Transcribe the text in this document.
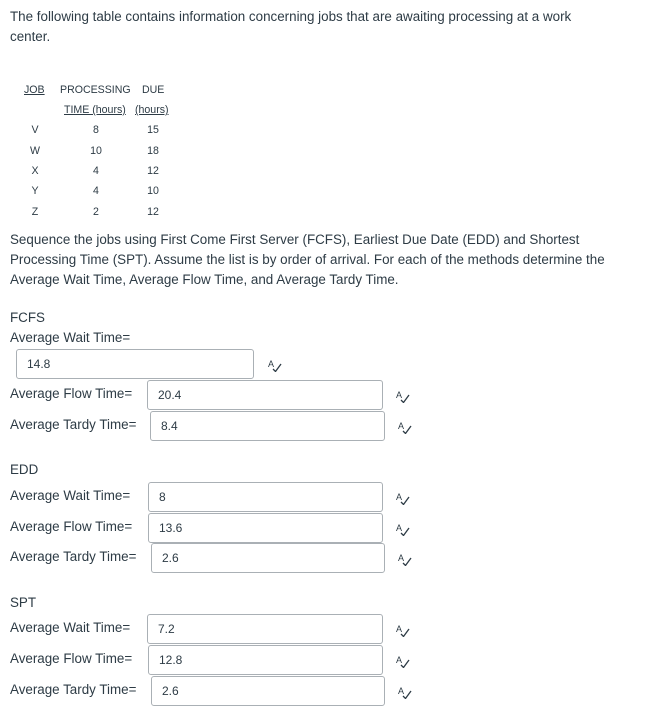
The following table contains information concerning jobs that are awaiting processing at a work center.
JOB PROCESSING DUE
TIME (hours) (hours)
V	8	15
W	10	18
X	4	12
Y	4	10
Z	2	12
Sequence the jobs using First Come First Server (FCFS), Earliest Due Date (EDD) and Shortest Processing Time (SPT). Assume the list is by order of arrival. For each of the methods determine the Average Wait Time, Average Flow Time, and Average Tardy Time.
FCFS
Average Wait Time=
14.8
A
Average Flow Time=
20.4	A
Average Tardy Time=
8.4	A
EDD
Average Wait Time=
8	A
Average Flow Time=
13.6	A
Average Tardy Time=
2.6	A
SPT
Average Wait Time=
7.2	A
Average Flow Time=
12.8	A
Average Tardy Time=
2.6	A
